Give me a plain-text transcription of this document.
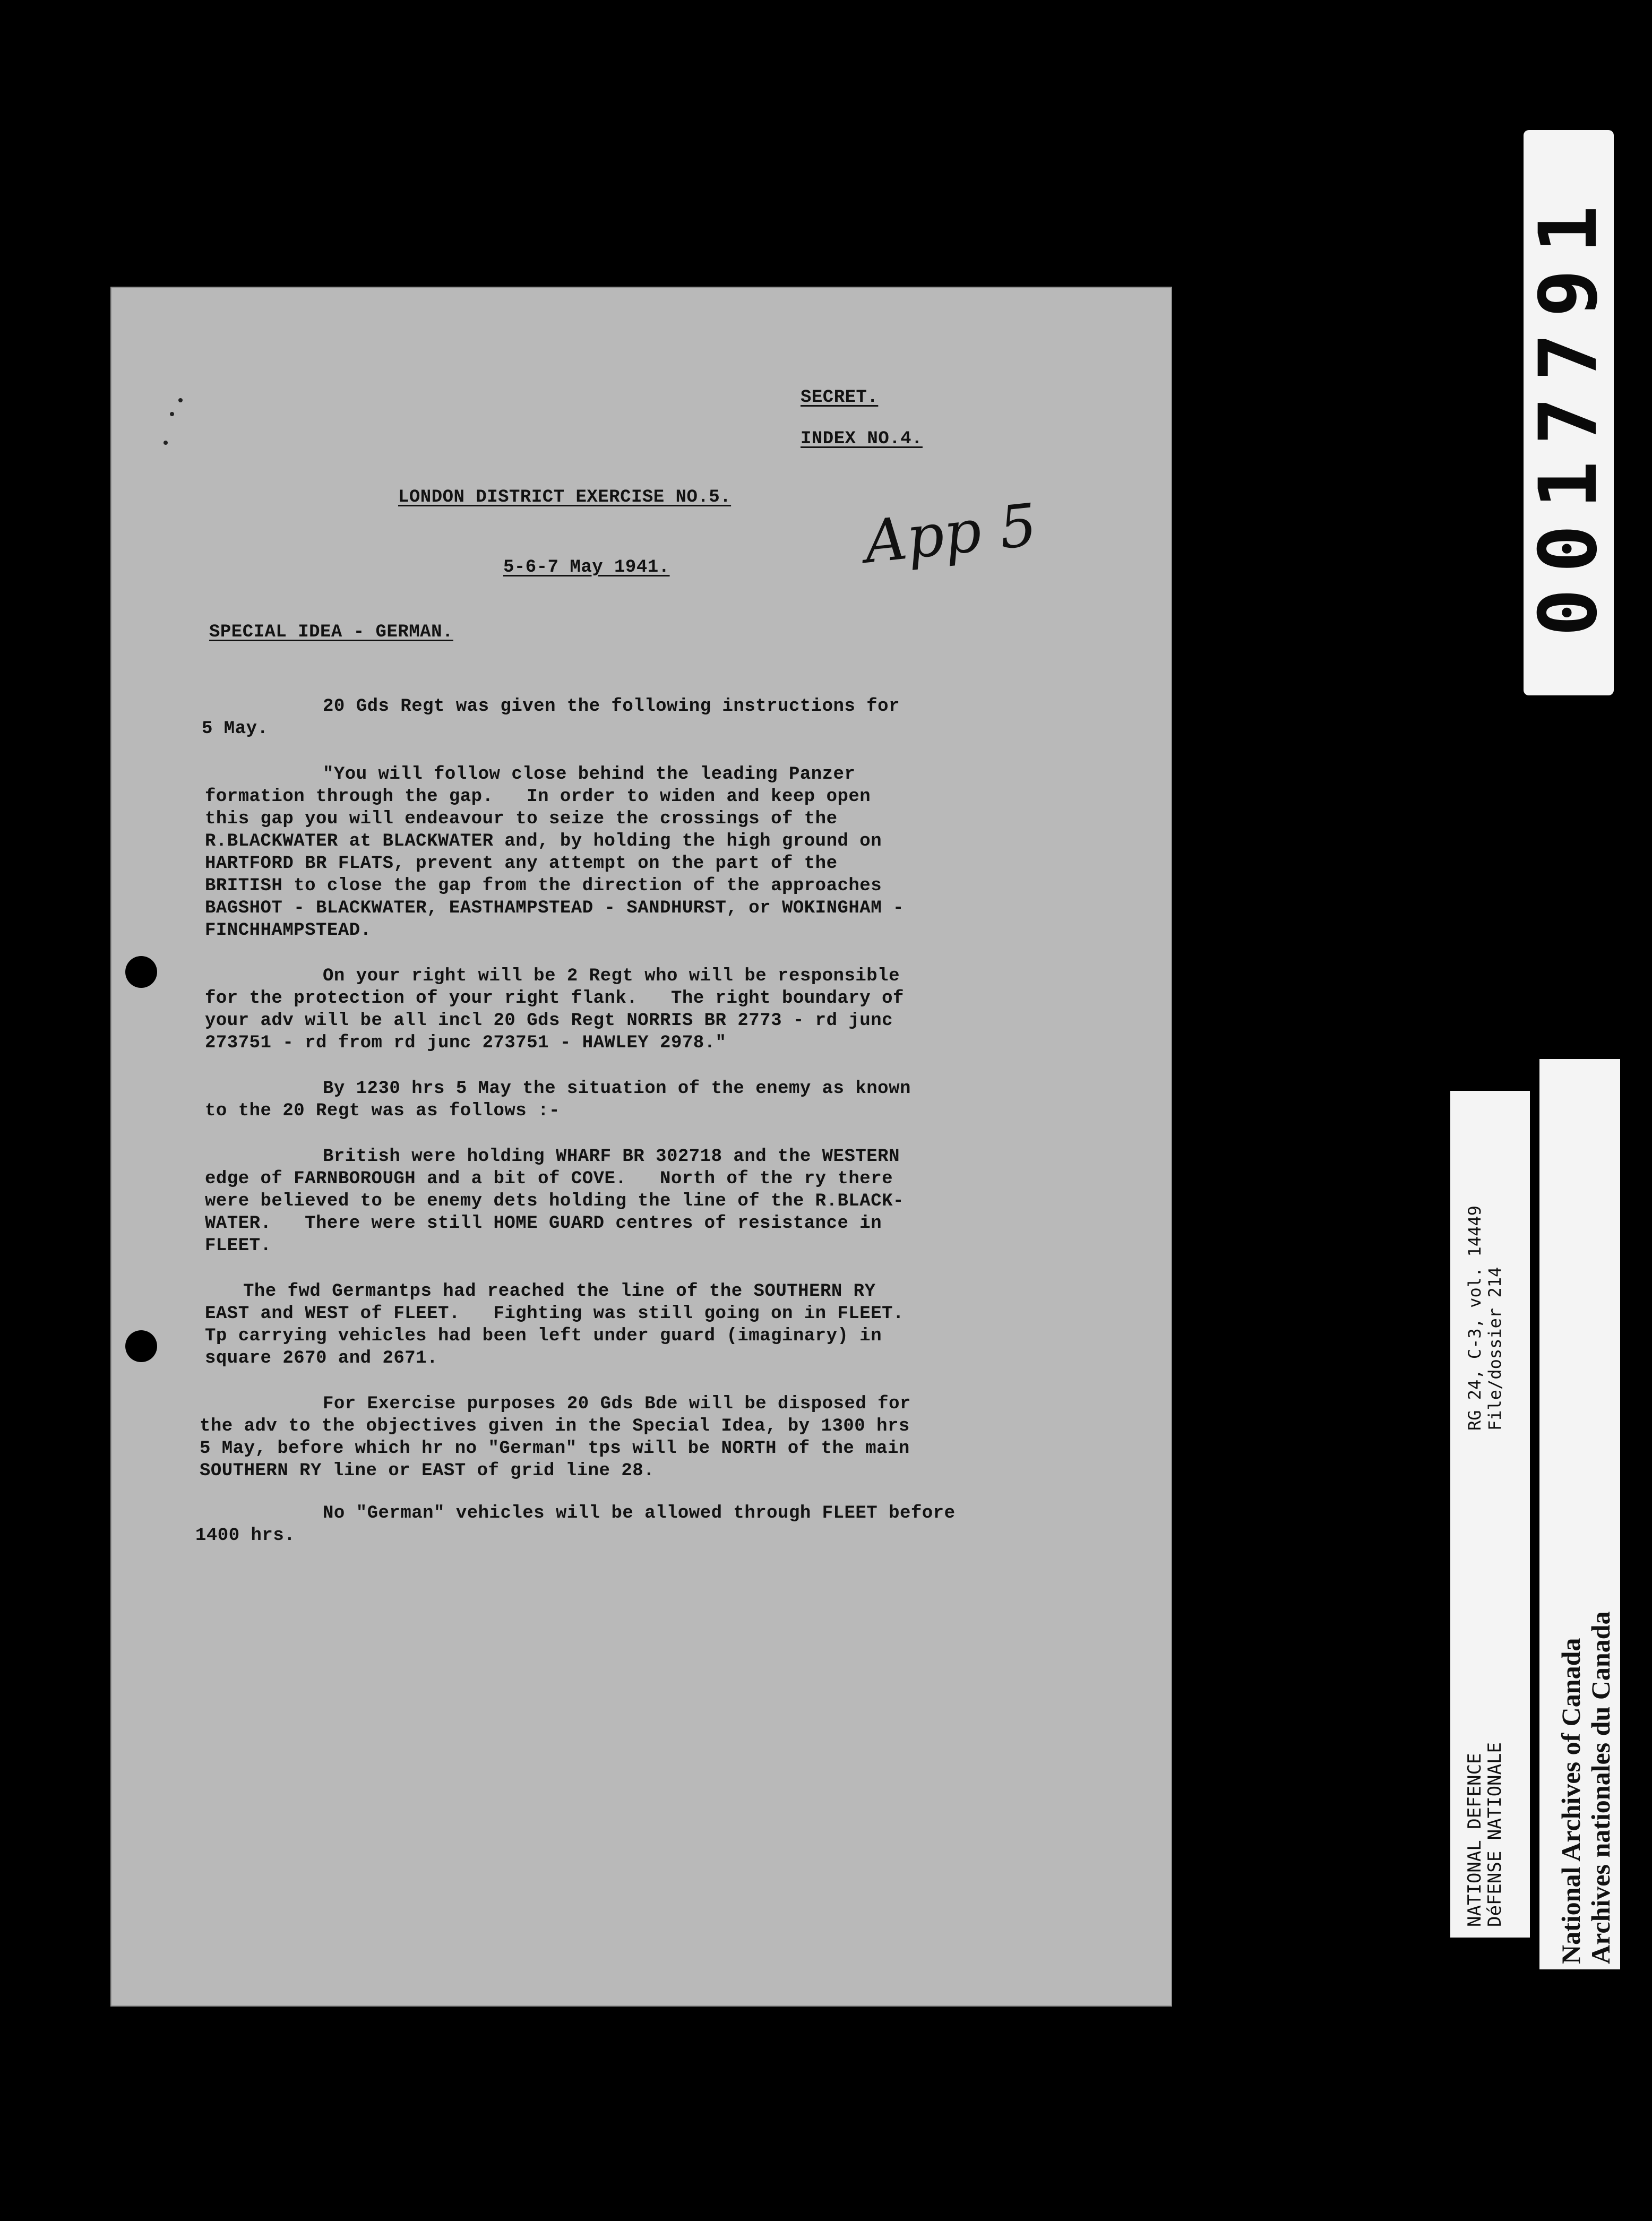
SECRET.
INDEX NO.4.
LONDON DISTRICT EXERCISE NO.5.
5-6-7 May 1941.	App 5
SPECIAL IDEA - GERMAN.
20 Gds Regt was given the following instructions for
5 May.
"You will follow close behind the leading Panzer
formation through the gap.   In order to widen and keep open
this gap you will endeavour to seize the crossings of the
R.BLACKWATER at BLACKWATER and, by holding the high ground on
HARTFORD BR FLATS, prevent any attempt on the part of the
BRITISH to close the gap from the direction of the approaches
BAGSHOT - BLACKWATER, EASTHAMPSTEAD - SANDHURST, or WOKINGHAM -
FINCHHAMPSTEAD.
On your right will be 2 Regt who will be responsible
for the protection of your right flank.   The right boundary of
your adv will be all incl 20 Gds Regt NORRIS BR 2773 - rd junc
273751 - rd from rd junc 273751 - HAWLEY 2978."
By 1230 hrs 5 May the situation of the enemy as known
to the 20 Regt was as follows :-
British were holding WHARF BR 302718 and the WESTERN
edge of FARNBOROUGH and a bit of COVE.   North of the ry there
were believed to be enemy dets holding the line of the R.BLACK-
WATER.   There were still HOME GUARD centres of resistance in
FLEET.
The fwd Germantps had reached the line of the SOUTHERN RY
EAST and WEST of FLEET.   Fighting was still going on in FLEET.
Tp carrying vehicles had been left under guard (imaginary) in
square 2670 and 2671.
For Exercise purposes 20 Gds Bde will be disposed for
the adv to the objectives given in the Special Idea, by 1300 hrs
5 May, before which hr no "German" tps will be NORTH of the main
SOUTHERN RY line or EAST of grid line 28.
No "German" vehicles will be allowed through FLEET before
1400 hrs.
0017791
NATIONAL DEFENCE
DéFENSE NATIONALE
RG 24, C-3, vol. 14449 File/dossier 214
National Archives of Canada Archives nationales du Canada
